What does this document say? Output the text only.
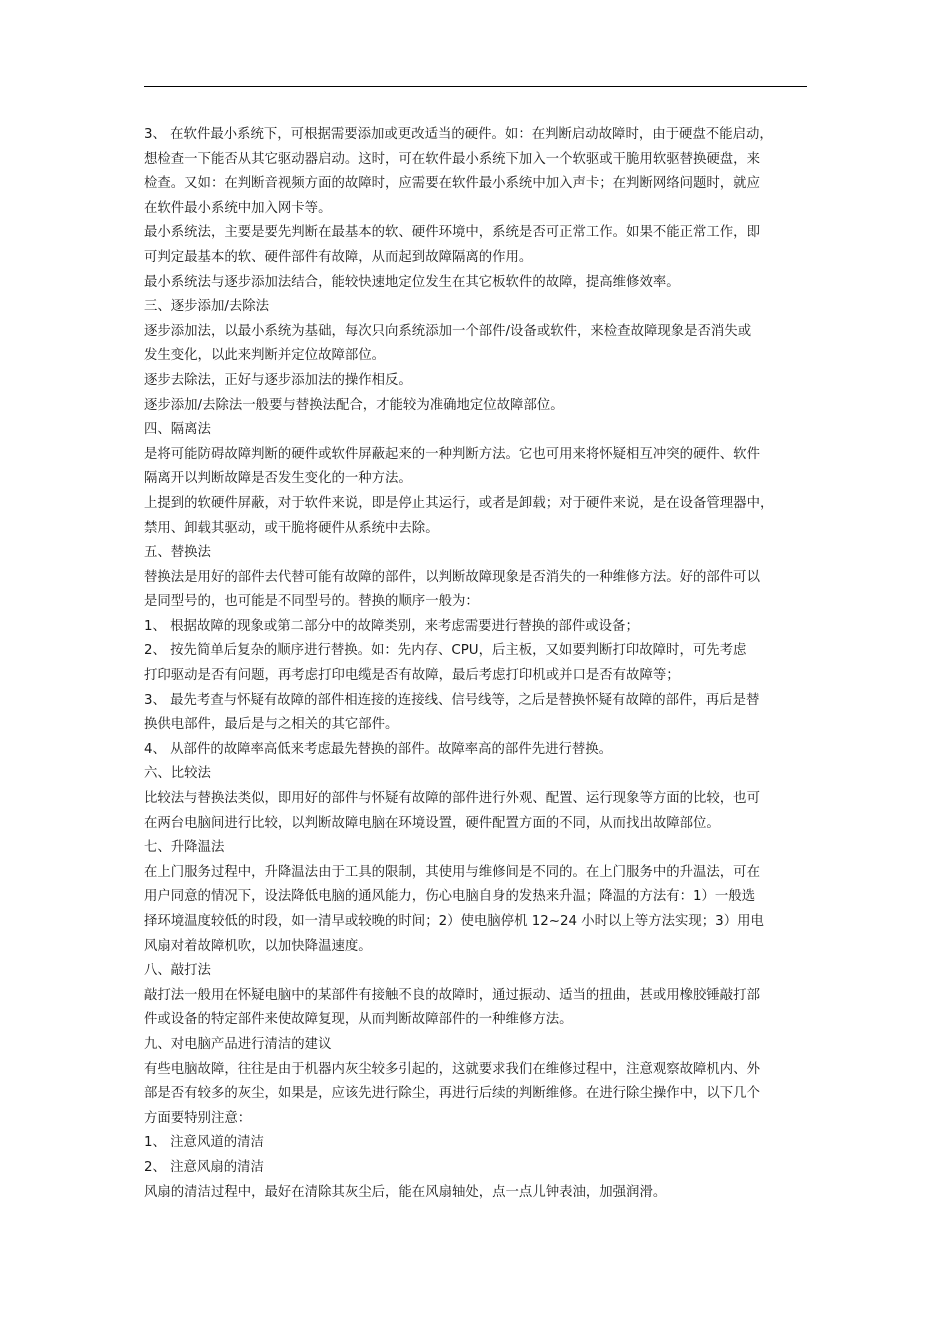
3、 在软件最小系统下，可根据需要添加或更改适当的硬件。如：在判断启动故障时，由于硬盘不能启动，
想检查一下能否从其它驱动器启动。这时，可在软件最小系统下加入一个软驱或干脆用软驱替换硬盘，来
检查。又如：在判断音视频方面的故障时，应需要在软件最小系统中加入声卡；在判断网络问题时，就应
在软件最小系统中加入网卡等。
最小系统法，主要是要先判断在最基本的软、硬件环境中，系统是否可正常工作。如果不能正常工作，即
可判定最基本的软、硬件部件有故障，从而起到故障隔离的作用。
最小系统法与逐步添加法结合，能较快速地定位发生在其它板软件的故障，提高维修效率。
三、逐步添加/去除法
逐步添加法，以最小系统为基础，每次只向系统添加一个部件/设备或软件，来检查故障现象是否消失或
发生变化，以此来判断并定位故障部位。
逐步去除法，正好与逐步添加法的操作相反。
逐步添加/去除法一般要与替换法配合，才能较为准确地定位故障部位。
四、隔离法
是将可能防碍故障判断的硬件或软件屏蔽起来的一种判断方法。它也可用来将怀疑相互冲突的硬件、软件
隔离开以判断故障是否发生变化的一种方法。
上提到的软硬件屏蔽，对于软件来说，即是停止其运行，或者是卸载；对于硬件来说，是在设备管理器中，
禁用、卸载其驱动，或干脆将硬件从系统中去除。
五、替换法
替换法是用好的部件去代替可能有故障的部件，以判断故障现象是否消失的一种维修方法。好的部件可以
是同型号的，也可能是不同型号的。替换的顺序一般为：
1、 根据故障的现象或第二部分中的故障类别，来考虑需要进行替换的部件或设备；
2、 按先简单后复杂的顺序进行替换。如：先内存、CPU，后主板，又如要判断打印故障时，可先考虑
打印驱动是否有问题，再考虑打印电缆是否有故障，最后考虑打印机或并口是否有故障等；
3、 最先考查与怀疑有故障的部件相连接的连接线、信号线等，之后是替换怀疑有故障的部件，再后是替
换供电部件，最后是与之相关的其它部件。
4、 从部件的故障率高低来考虑最先替换的部件。故障率高的部件先进行替换。
六、比较法
比较法与替换法类似，即用好的部件与怀疑有故障的部件进行外观、配置、运行现象等方面的比较，也可
在两台电脑间进行比较，以判断故障电脑在环境设置，硬件配置方面的不同，从而找出故障部位。
七、升降温法
在上门服务过程中，升降温法由于工具的限制，其使用与维修间是不同的。在上门服务中的升温法，可在
用户同意的情况下，设法降低电脑的通风能力，伤心电脑自身的发热来升温；降温的方法有：1）一般选
择环境温度较低的时段，如一清早或较晚的时间；2）使电脑停机 12~24 小时以上等方法实现；3）用电
风扇对着故障机吹，以加快降温速度。
八、敲打法
敲打法一般用在怀疑电脑中的某部件有接触不良的故障时，通过振动、适当的扭曲，甚或用橡胶锤敲打部
件或设备的特定部件来使故障复现，从而判断故障部件的一种维修方法。
九、对电脑产品进行清洁的建议
有些电脑故障，往往是由于机器内灰尘较多引起的，这就要求我们在维修过程中，注意观察故障机内、外
部是否有较多的灰尘，如果是，应该先进行除尘，再进行后续的判断维修。在进行除尘操作中，以下几个
方面要特别注意：
1、 注意风道的清洁
2、 注意风扇的清洁
风扇的清洁过程中，最好在清除其灰尘后，能在风扇轴处，点一点儿钟表油，加强润滑。
